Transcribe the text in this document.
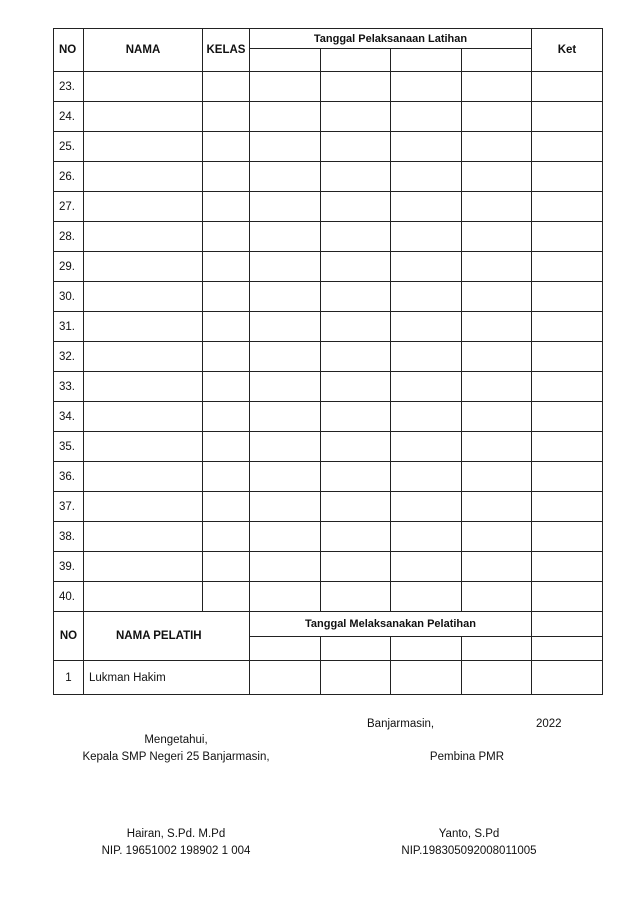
NO	NAMA	KELAS	Tanggal Pelaksanaan Latihan				Ket

23.							
24.							
25.							
26.							
27.							
28.							
29.							
30.							
31.							
32.							
33.							
34.							
35.							
36.							
37.							
38.							
39.							
40.							
NO	NAMA PELATIH		Tanggal Melaksanakan Pelatihan				

1	Lukman Hakim						
Banjarmasin,	2022
Mengetahui,
Kepala SMP Negeri 25 Banjarmasin,	Pembina PMR
Hairan, S.Pd. M.Pd
NIP. 19651002 198902 1 004
Yanto, S.Pd
NIP.198305092008011005
